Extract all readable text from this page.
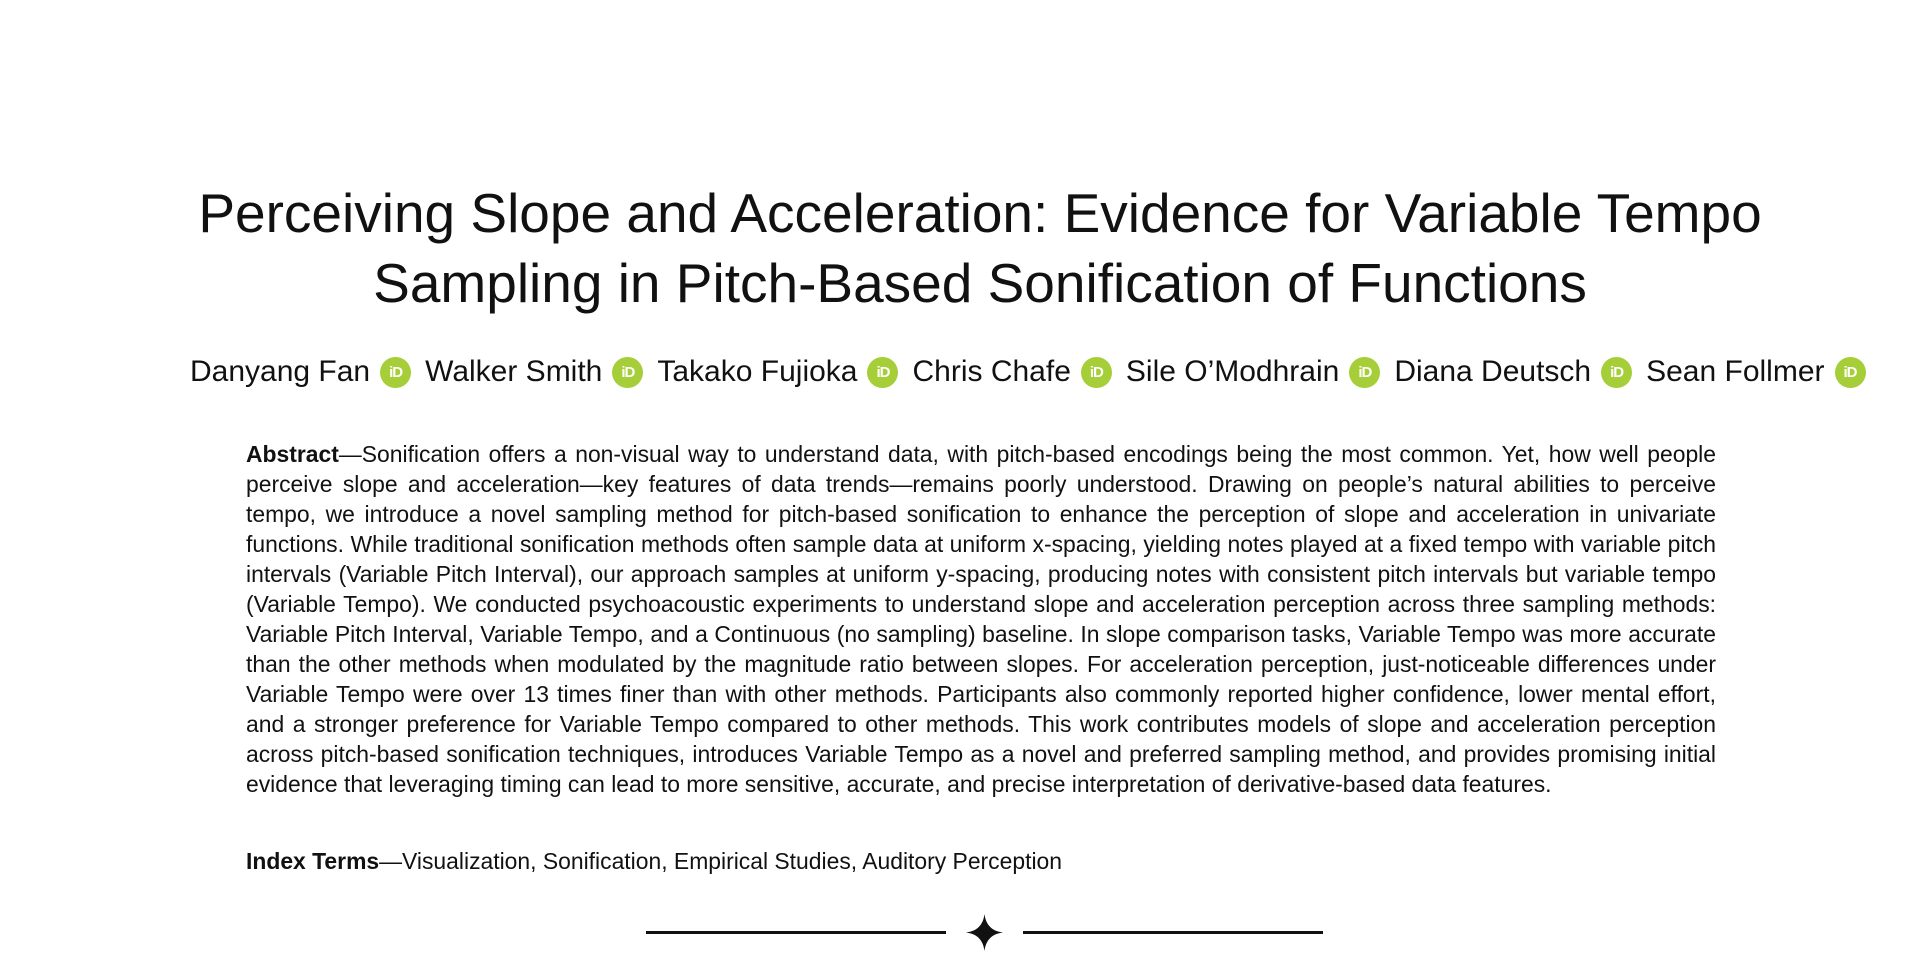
Perceiving Slope and Acceleration: Evidence for Variable Tempo
Sampling in Pitch-Based Sonification of Functions
Danyang Fan	iD Walker Smith	iD Takako Fujioka	iD Chris Chafe	iD Sile O’Modhrain	iD Diana Deutsch	iD Sean Follmer	iD

Abstract—Sonification offers a non-visual way to understand data, with pitch-based encodings being the most common. Yet, how well people perceive slope and acceleration—key features of data trends—remains poorly understood. Drawing on people’s natural abilities to perceive tempo, we introduce a novel sampling method for pitch-based sonification to enhance the perception of slope and acceleration in univariate functions. While traditional sonification methods often sample data at uniform x-spacing, yielding notes played at a fixed tempo with variable pitch intervals (Variable Pitch Interval), our approach samples at uniform y-spacing, producing notes with consistent pitch intervals but variable tempo (Variable Tempo). We conducted psychoacoustic experiments to understand slope and acceleration perception across three sampling methods: Variable Pitch Interval, Variable Tempo, and a Continuous (no sampling) baseline. In slope comparison tasks, Variable Tempo was more accurate than the other methods when modulated by the magnitude ratio between slopes. For acceleration perception, just-noticeable differences under Variable Tempo were over 13 times finer than with other methods. Participants also commonly reported higher confidence, lower mental effort, and a stronger preference for Variable Tempo compared to other methods. This work contributes models of slope and acceleration perception across pitch-based sonification techniques, introduces Variable Tempo as a novel and preferred sampling method, and provides promising initial evidence that leveraging timing can lead to more sensitive, accurate, and precise interpretation of derivative-based data features.

Index Terms—Visualization, Sonification, Empirical Studies, Auditory Perception
